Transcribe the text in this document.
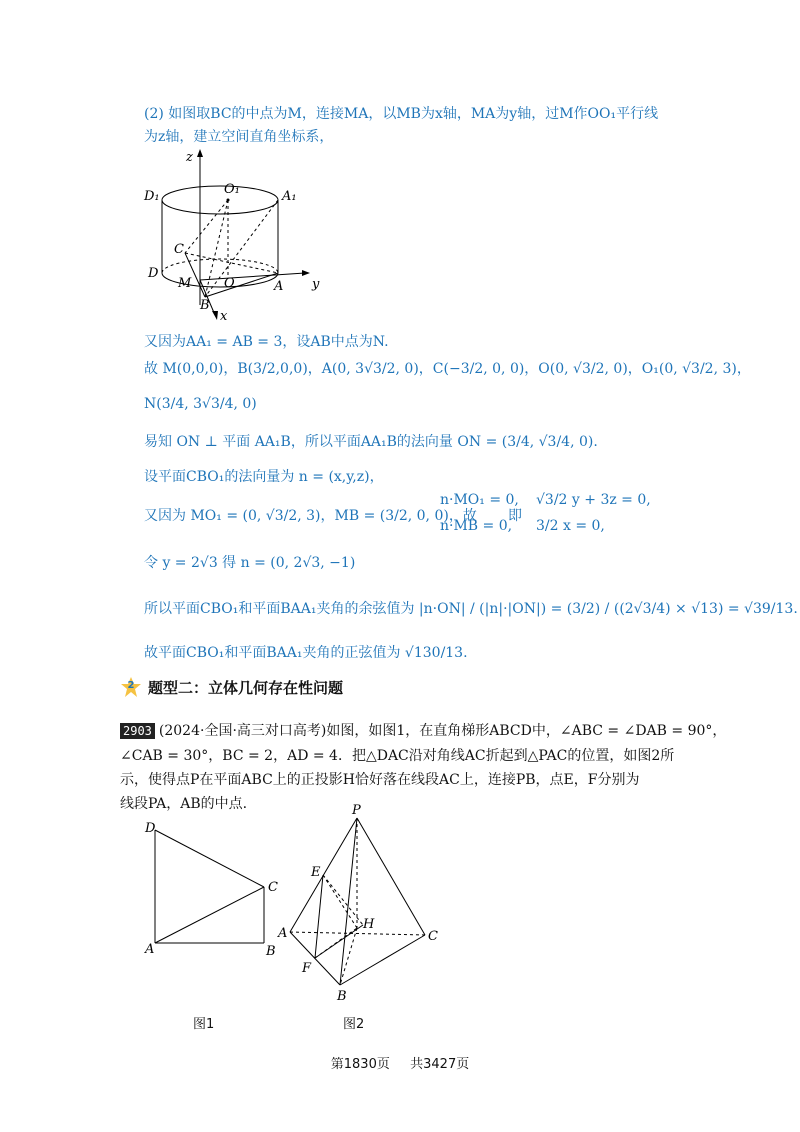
(2) 如图取BC的中点为M，连接MA，以MB为x轴，MA为y轴，过M作OO₁平行线
为z轴，建立空间直角坐标系，
z
y
x
D₁	O₁	A₁
C
D
M	O	A
B
又因为AA₁ = AB = 3，设AB中点为N.
故 M(0,0,0)，B(3/2,0,0)，A(0, 3√3/2, 0)，C(−3/2, 0, 0)，O(0, √3/2, 0)，O₁(0, √3/2, 3)，
N(3/4, 3√3/4, 0)
易知 ON ⊥ 平面 AA₁B，所以平面AA₁B的法向量 ON = (3/4, √3/4, 0).
设平面CBO₁的法向量为 n = (x,y,z)，
又因为 MO₁ = (0, √3/2, 3)，MB = (3/2, 0, 0)，故
n·MO₁ = 0,
n·MB = 0,
即
√3/2 y + 3z = 0,
3/2 x = 0,
令 y = 2√3 得 n = (0, 2√3, −1)
所以平面CBO₁和平面BAA₁夹角的余弦值为 |n·ON| / (|n|·|ON|) = (3/2) / ((2√3/4) × √13) = √39/13.
故平面CBO₁和平面BAA₁夹角的正弦值为 √130/13.
2 题型二：立体几何存在性问题
2903 (2024·全国·高三对口高考)如图，如图1，在直角梯形ABCD中，∠ABC = ∠DAB = 90°，
∠CAB = 30°，BC = 2，AD = 4．把△DAC沿对角线AC折起到△PAC的位置，如图2所
示，使得点P在平面ABC上的正投影H恰好落在线段AC上，连接PB，点E，F分别为
线段PA，AB的中点.
D
C
A	B
P
E
H
A	C
F
B
图1	图2
第1830页 共3427页
